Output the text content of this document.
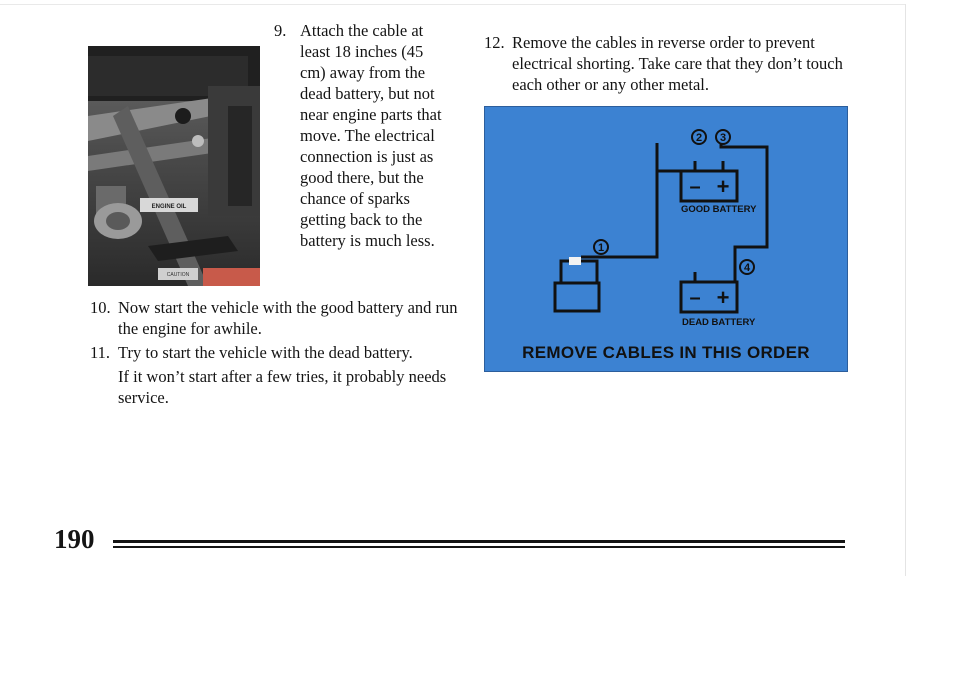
ENGINE OIL
CAUTION
9. Attach the cable at least 18 inches (45 cm) away from the dead battery, but not near engine parts that move. The electrical connection is just as good there, but the chance of sparks getting back to the battery is much less.
10. Now start the vehicle with the good battery and run the engine for awhile.
11. Try to start the vehicle with the dead battery.
If it won’t start after a few tries, it probably needs service.
12. Remove the cables in reverse order to prevent electrical shorting. Take care that they don’t touch each other or any other metal.
– +
– +
2 3
1
4
GOOD BATTERY
DEAD BATTERY
REMOVE CABLES IN THIS ORDER
190
